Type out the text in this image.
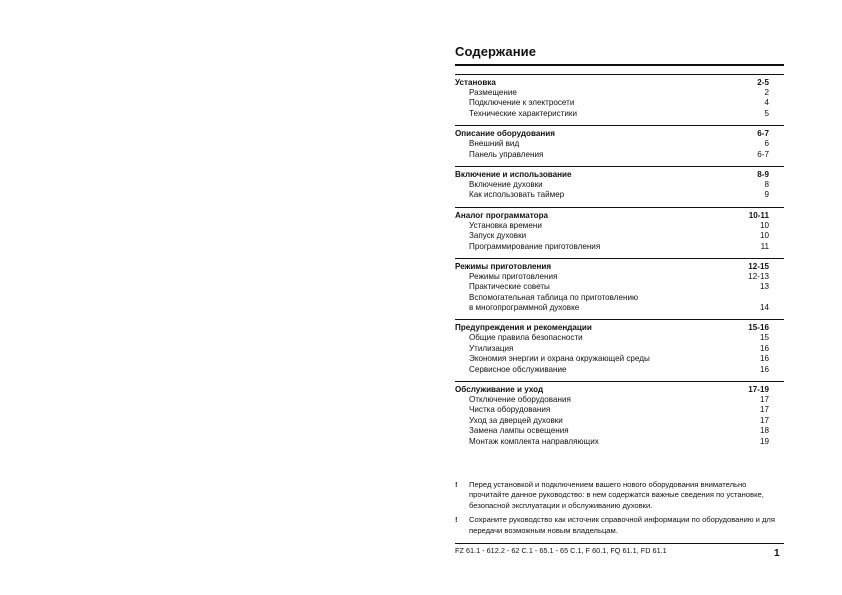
Содержание
Установка	2-5
Размещение	2
Подключение к электросети	4
Технические характеристики	5
Описание оборудования	6-7
Внешний вид	6
Панель управления	6-7
Включение и использование	8-9
Включение духовки	8
Как использовать таймер	9
Аналог программатора	10-11
Установка времени	10
Запуск духовки	10
Программирование приготовления	11
Режимы приготовления	12-15
Режимы приготовления	12-13
Практические советы	13
Вспомогательная таблица по приготовлению
в многопрограммной духовке	14
Предупреждения и рекомендации	15-16
Общие правила безопасности	15
Утилизация	16
Экономия энергии и охрана окружающей среды	16
Сервисное обслуживание	16
Обслуживание и уход	17-19
Отключение оборудования	17
Чистка оборудования	17
Уход за дверцей духовки	17
Замена лампы освещения	18
Монтаж комплекта направляющих	19
!	Перед установкой и подключением вашего нового оборудования внимательно прочитайте данное руководство: в нем содержатся важные сведения по установке, безопасной эксплуатации и обслуживанию духовки.
!	Сохраните руководство как источник справочной информации по оборудованию и для передачи возможным новым владельцам.
FZ 61.1 - 612.2 - 62 C.1 - 65.1 - 65 C.1, F 60.1, FQ 61.1, FD 61.1	1
